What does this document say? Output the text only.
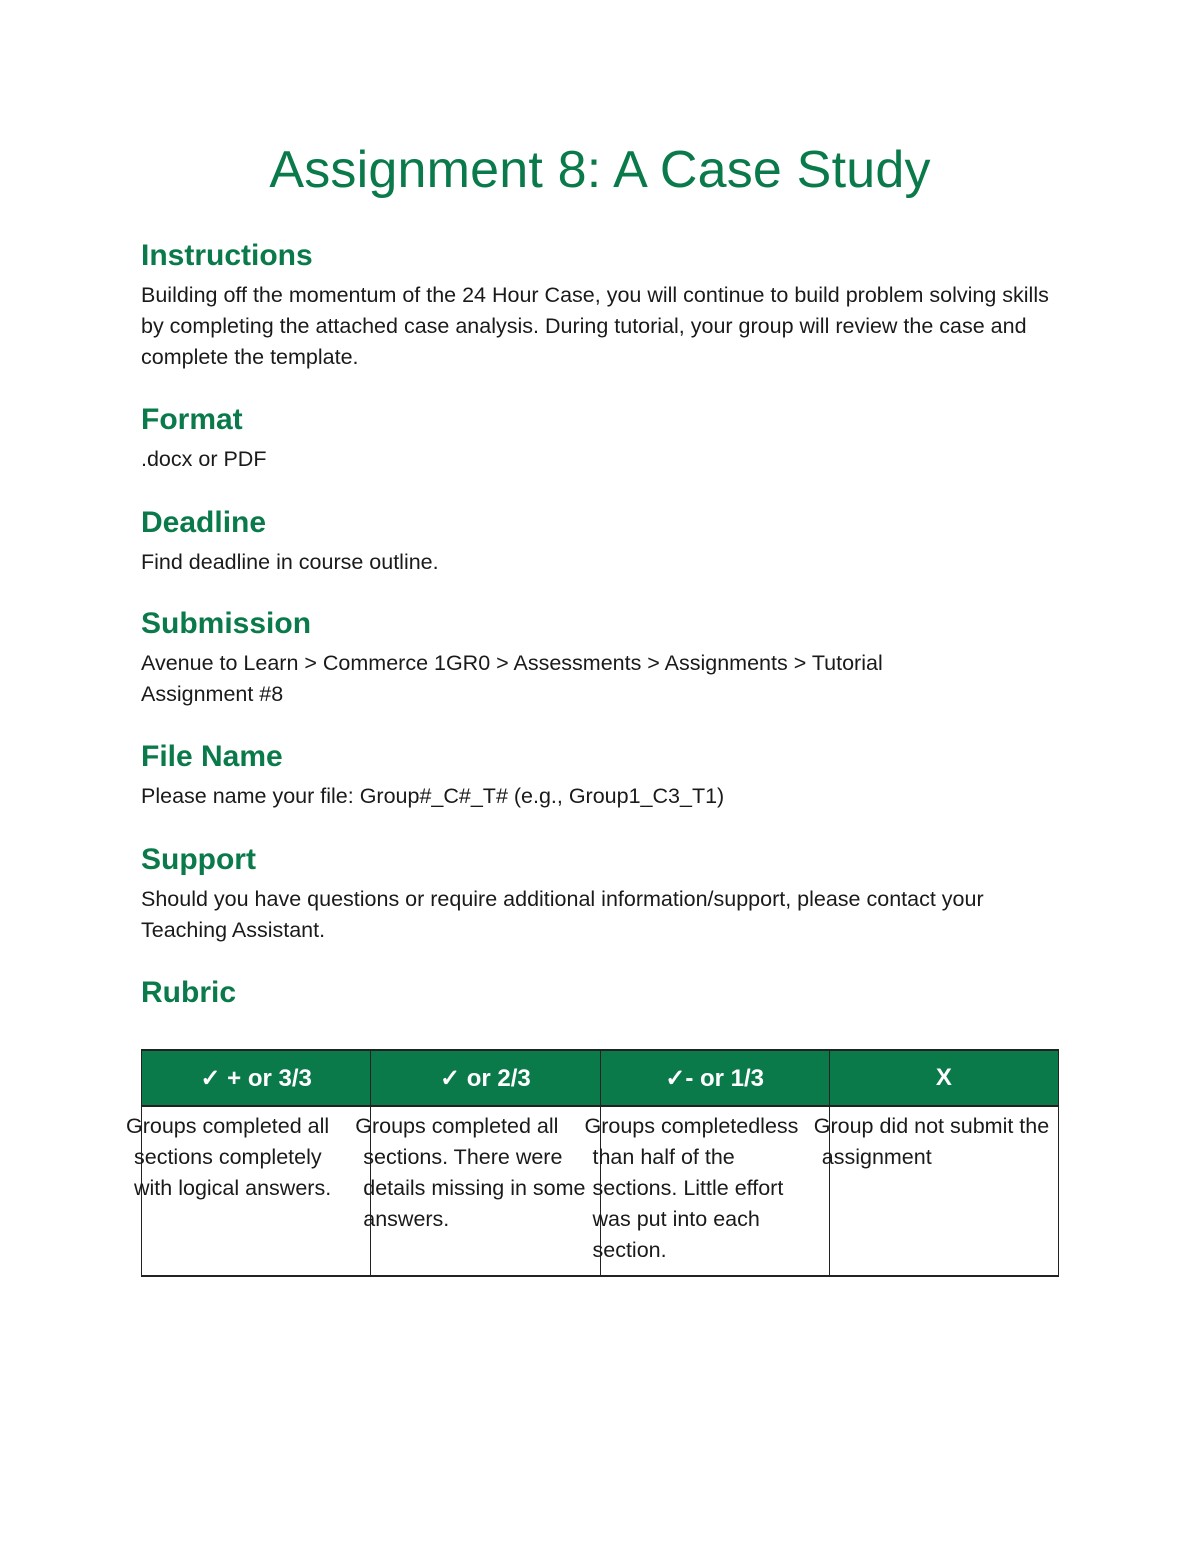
Assignment 8: A Case Study
Instructions

Building off the momentum of the 24 Hour Case, you will continue to build problem solving skills by completing the attached case analysis. During tutorial, your group will review the case and complete the template.

Format

.docx or PDF

Deadline

Find deadline in course outline.

Submission

Avenue to Learn > Commerce 1GR0 > Assessments > Assignments > Tutorial Assignment #8

File Name

Please name your file: Group#_C#_T# (e.g., Group1_C3_T1)

Support

Should you have questions or require additional information/support, please contact your Teaching Assistant.

Rubric
✓ + or 3/3	✓ or 2/3	✓- or 1/3	X

Groups completed all sections completely with logical answers.	Groups completed all sections. There were details missing in some answers.	Groups completedless than half of the sections. Little effort was put into each section.	Group did not submit the assignment
